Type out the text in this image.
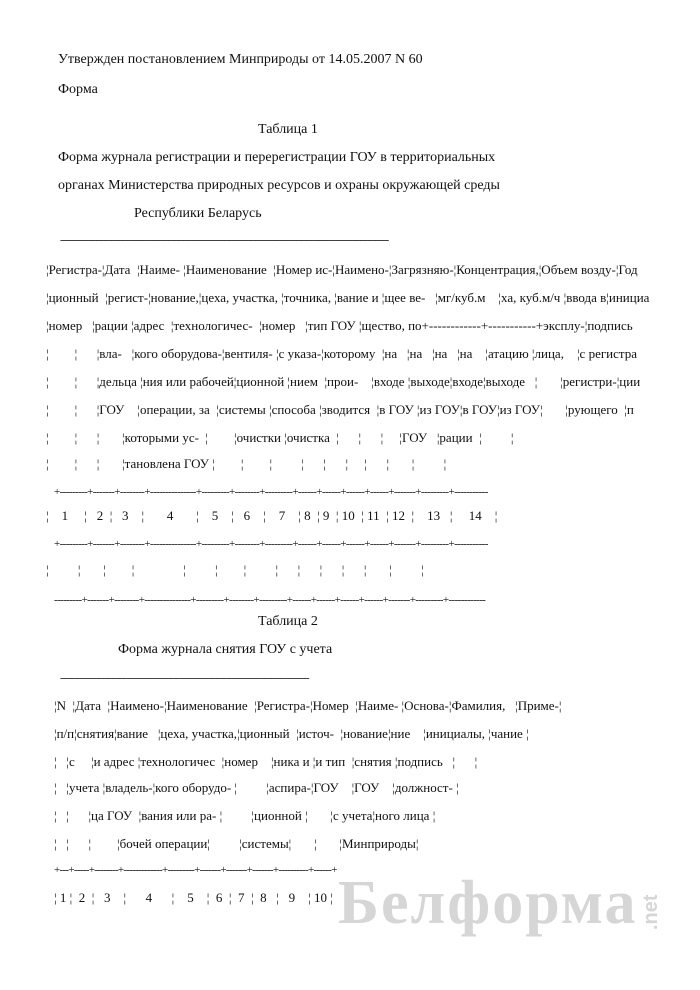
Утвержден постановлением Минприроды от 14.05.2007 N 60
Форма
Таблица 1
Форма журнала регистрации и перерегистрации ГОУ в территориальных
органах Министерства природных ресурсов и охраны окружающей среды
Республики Беларусь
--------------------------------------------------------------------------------------------------------------------------------
¦Регистра-¦Дата  ¦Наиме- ¦Наименование  ¦Номер ис-¦Наимено-¦Загрязняю-¦Концентрация,¦Объем возду-¦Год
¦ционный  ¦регист-¦нование,¦цеха, участка, ¦точника, ¦вание и ¦щее ве-   ¦мг/куб.м    ¦ха, куб.м/ч ¦ввода в¦инициа
¦номер   ¦рации ¦адрес  ¦технологичес-  ¦номер   ¦тип ГОУ ¦щество, по+------------+-----------+эксплу-¦подпись
¦        ¦      ¦вла-   ¦кого оборудова-¦вентиля- ¦с указа-¦которому  ¦на   ¦на   ¦на   ¦на    ¦атацию ¦лица,    ¦с регистра
¦        ¦      ¦дельца ¦ния или рабочей¦ционной ¦нием  ¦прои-    ¦входе ¦выходе¦входе¦выходе   ¦       ¦регистри-¦ции
¦        ¦      ¦ГОУ    ¦операции, за  ¦системы ¦способа ¦зводится  ¦в ГОУ ¦из ГОУ¦в ГОУ¦из ГОУ¦       ¦рующего  ¦п
¦        ¦      ¦       ¦которыми ус-  ¦        ¦очистки ¦очистка  ¦      ¦      ¦     ¦ГОУ   ¦рации  ¦         ¦
¦        ¦      ¦       ¦тановлена ГОУ ¦        ¦        ¦         ¦      ¦      ¦     ¦      ¦       ¦         ¦
+---------+-------+--------+---------------+---------+--------+---------+------+------+------+------+-------+---------+-----------
¦    1     ¦   2  ¦   3    ¦       4       ¦    5    ¦   6    ¦    7    ¦ 8  ¦ 9  ¦ 10  ¦ 11  ¦ 12  ¦    13   ¦     14    ¦
+---------+-------+--------+---------------+---------+--------+---------+------+------+------+------+-------+---------+-----------
¦         ¦       ¦        ¦               ¦         ¦        ¦         ¦      ¦      ¦      ¦      ¦       ¦         ¦
---------+-------+--------+---------------+---------+--------+---------+------+------+------+------+-------+---------+------------
Таблица 2
Форма журнала снятия ГОУ с учета
------------------------------------------------------------------------------------------
¦N  ¦Дата  ¦Наимено-¦Наименование  ¦Регистра-¦Номер  ¦Наиме- ¦Основа-¦Фамилия,   ¦Приме-¦
¦п/п¦снятия¦вание   ¦цеха, участка,¦ционный  ¦источ-  ¦нование¦ние    ¦инициалы, ¦чание ¦
¦   ¦с     ¦и адрес ¦технологичес  ¦номер    ¦ника и ¦и тип  ¦снятия ¦подпись   ¦      ¦
¦   ¦учета ¦владель-¦кого оборудо- ¦         ¦аспира-¦ГОУ    ¦ГОУ    ¦должност- ¦
¦   ¦      ¦ца ГОУ  ¦вания или ра- ¦         ¦ционной ¦       ¦с учета¦ного лица ¦
¦   ¦      ¦        ¦бочей операции¦         ¦системы¦       ¦       ¦Минприроды¦
+---+-----+--------+-------------+---------+-------+-------+-------+----------+------+
¦ 1 ¦  2  ¦   3    ¦      4      ¦    5    ¦  6  ¦  7  ¦  8   ¦   9    ¦ 10 ¦ Белформа .net
